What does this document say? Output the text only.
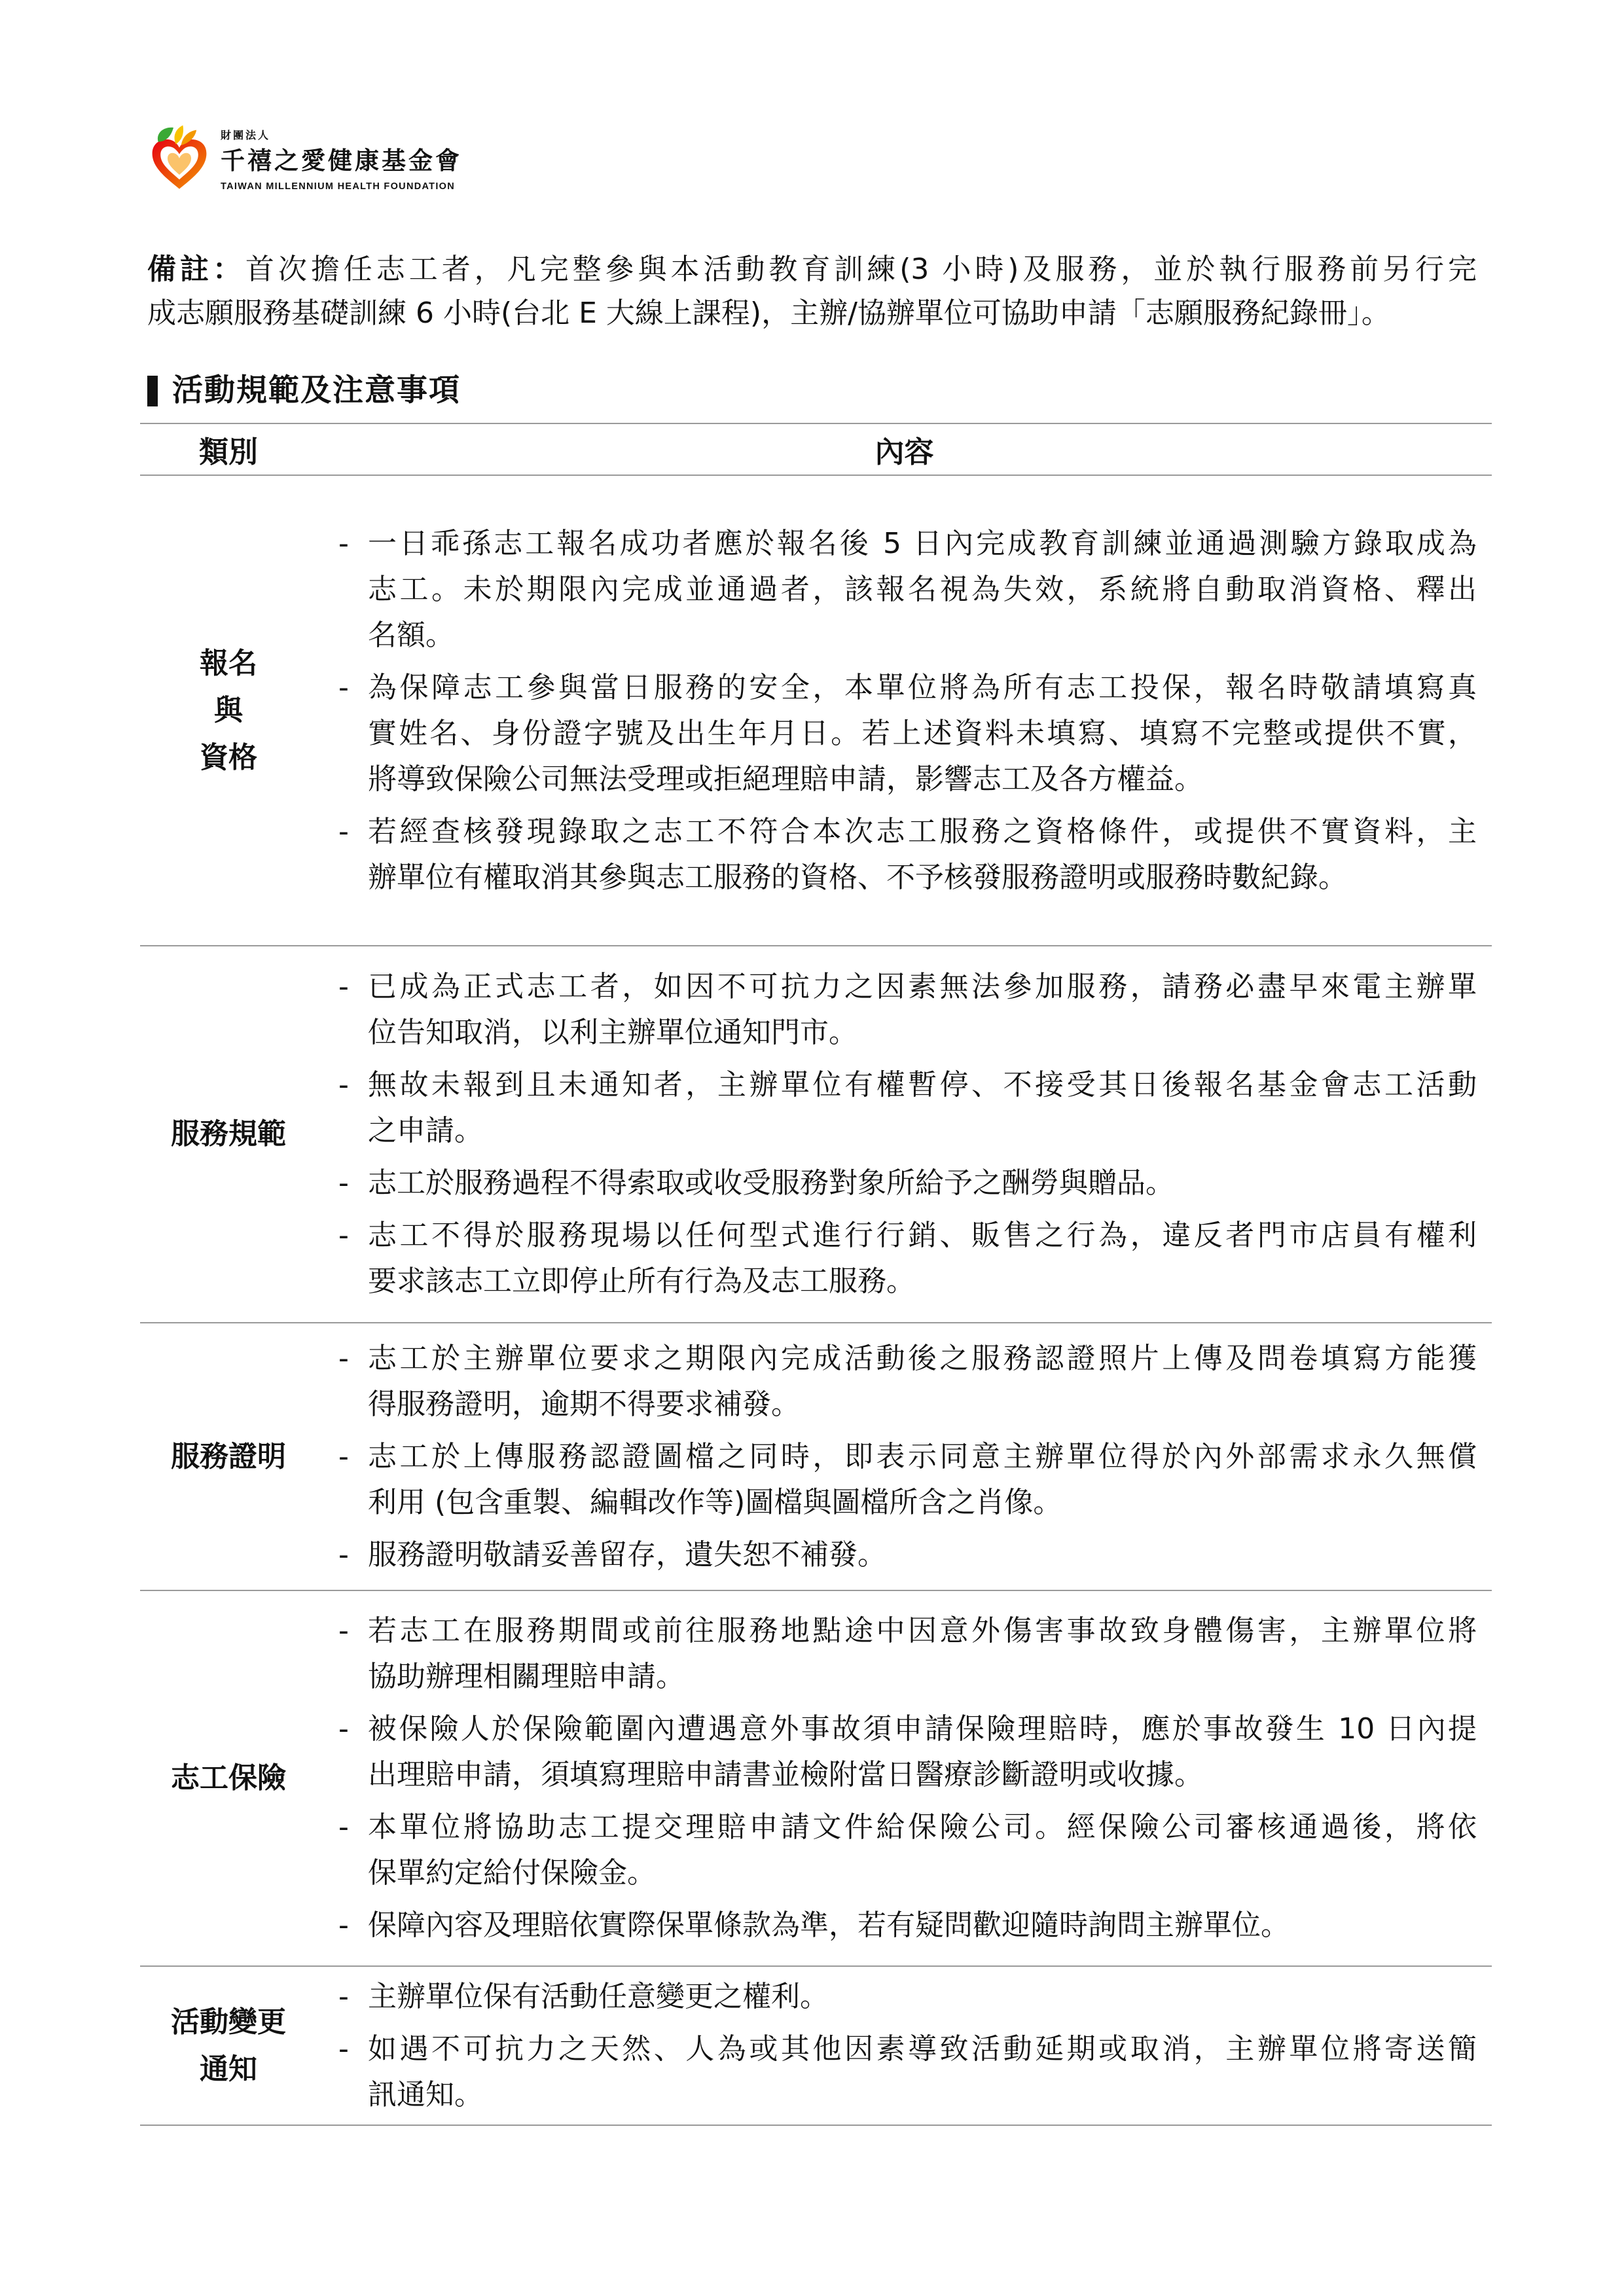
財團法人
千禧之愛健康基金會
TAIWAN MILLENNIUM HEALTH FOUNDATION
備註：首次擔任志工者，凡完整參與本活動教育訓練(3 小時)及服務，並於執行服務前另行完
成志願服務基礎訓練 6 小時(台北 E 大線上課程)，主辦/協辦單位可協助申請「志願服務紀錄冊」。
活動規範及注意事項
類別	內容
報名
與
資格
- 一日乖孫志工報名成功者應於報名後 5 日內完成教育訓練並通過測驗方錄取成為
志工。未於期限內完成並通過者，該報名視為失效，系統將自動取消資格、釋出
名額。
- 為保障志工參與當日服務的安全，本單位將為所有志工投保，報名時敬請填寫真
實姓名、身份證字號及出生年月日。若上述資料未填寫、填寫不完整或提供不實，
將導致保險公司無法受理或拒絕理賠申請，影響志工及各方權益。
- 若經查核發現錄取之志工不符合本次志工服務之資格條件，或提供不實資料，主
辦單位有權取消其參與志工服務的資格、不予核發服務證明或服務時數紀錄。
服務規範
- 已成為正式志工者，如因不可抗力之因素無法參加服務，請務必盡早來電主辦單
位告知取消，以利主辦單位通知門市。
- 無故未報到且未通知者，主辦單位有權暫停、不接受其日後報名基金會志工活動
之申請。
- 志工於服務過程不得索取或收受服務對象所給予之酬勞與贈品。
- 志工不得於服務現場以任何型式進行行銷、販售之行為，違反者門市店員有權利
要求該志工立即停止所有行為及志工服務。
服務證明
- 志工於主辦單位要求之期限內完成活動後之服務認證照片上傳及問卷填寫方能獲
得服務證明，逾期不得要求補發。
- 志工於上傳服務認證圖檔之同時，即表示同意主辦單位得於內外部需求永久無償
利用 (包含重製、編輯改作等)圖檔與圖檔所含之肖像。
- 服務證明敬請妥善留存，遺失恕不補發。
志工保險
- 若志工在服務期間或前往服務地點途中因意外傷害事故致身體傷害，主辦單位將
協助辦理相關理賠申請。
- 被保險人於保險範圍內遭遇意外事故須申請保險理賠時，應於事故發生 10 日內提
出理賠申請，須填寫理賠申請書並檢附當日醫療診斷證明或收據。
- 本單位將協助志工提交理賠申請文件給保險公司。經保險公司審核通過後，將依
保單約定給付保險金。
- 保障內容及理賠依實際保單條款為準，若有疑問歡迎隨時詢問主辦單位。
活動變更
通知
- 主辦單位保有活動任意變更之權利。
- 如遇不可抗力之天然、人為或其他因素導致活動延期或取消，主辦單位將寄送簡
訊通知。
